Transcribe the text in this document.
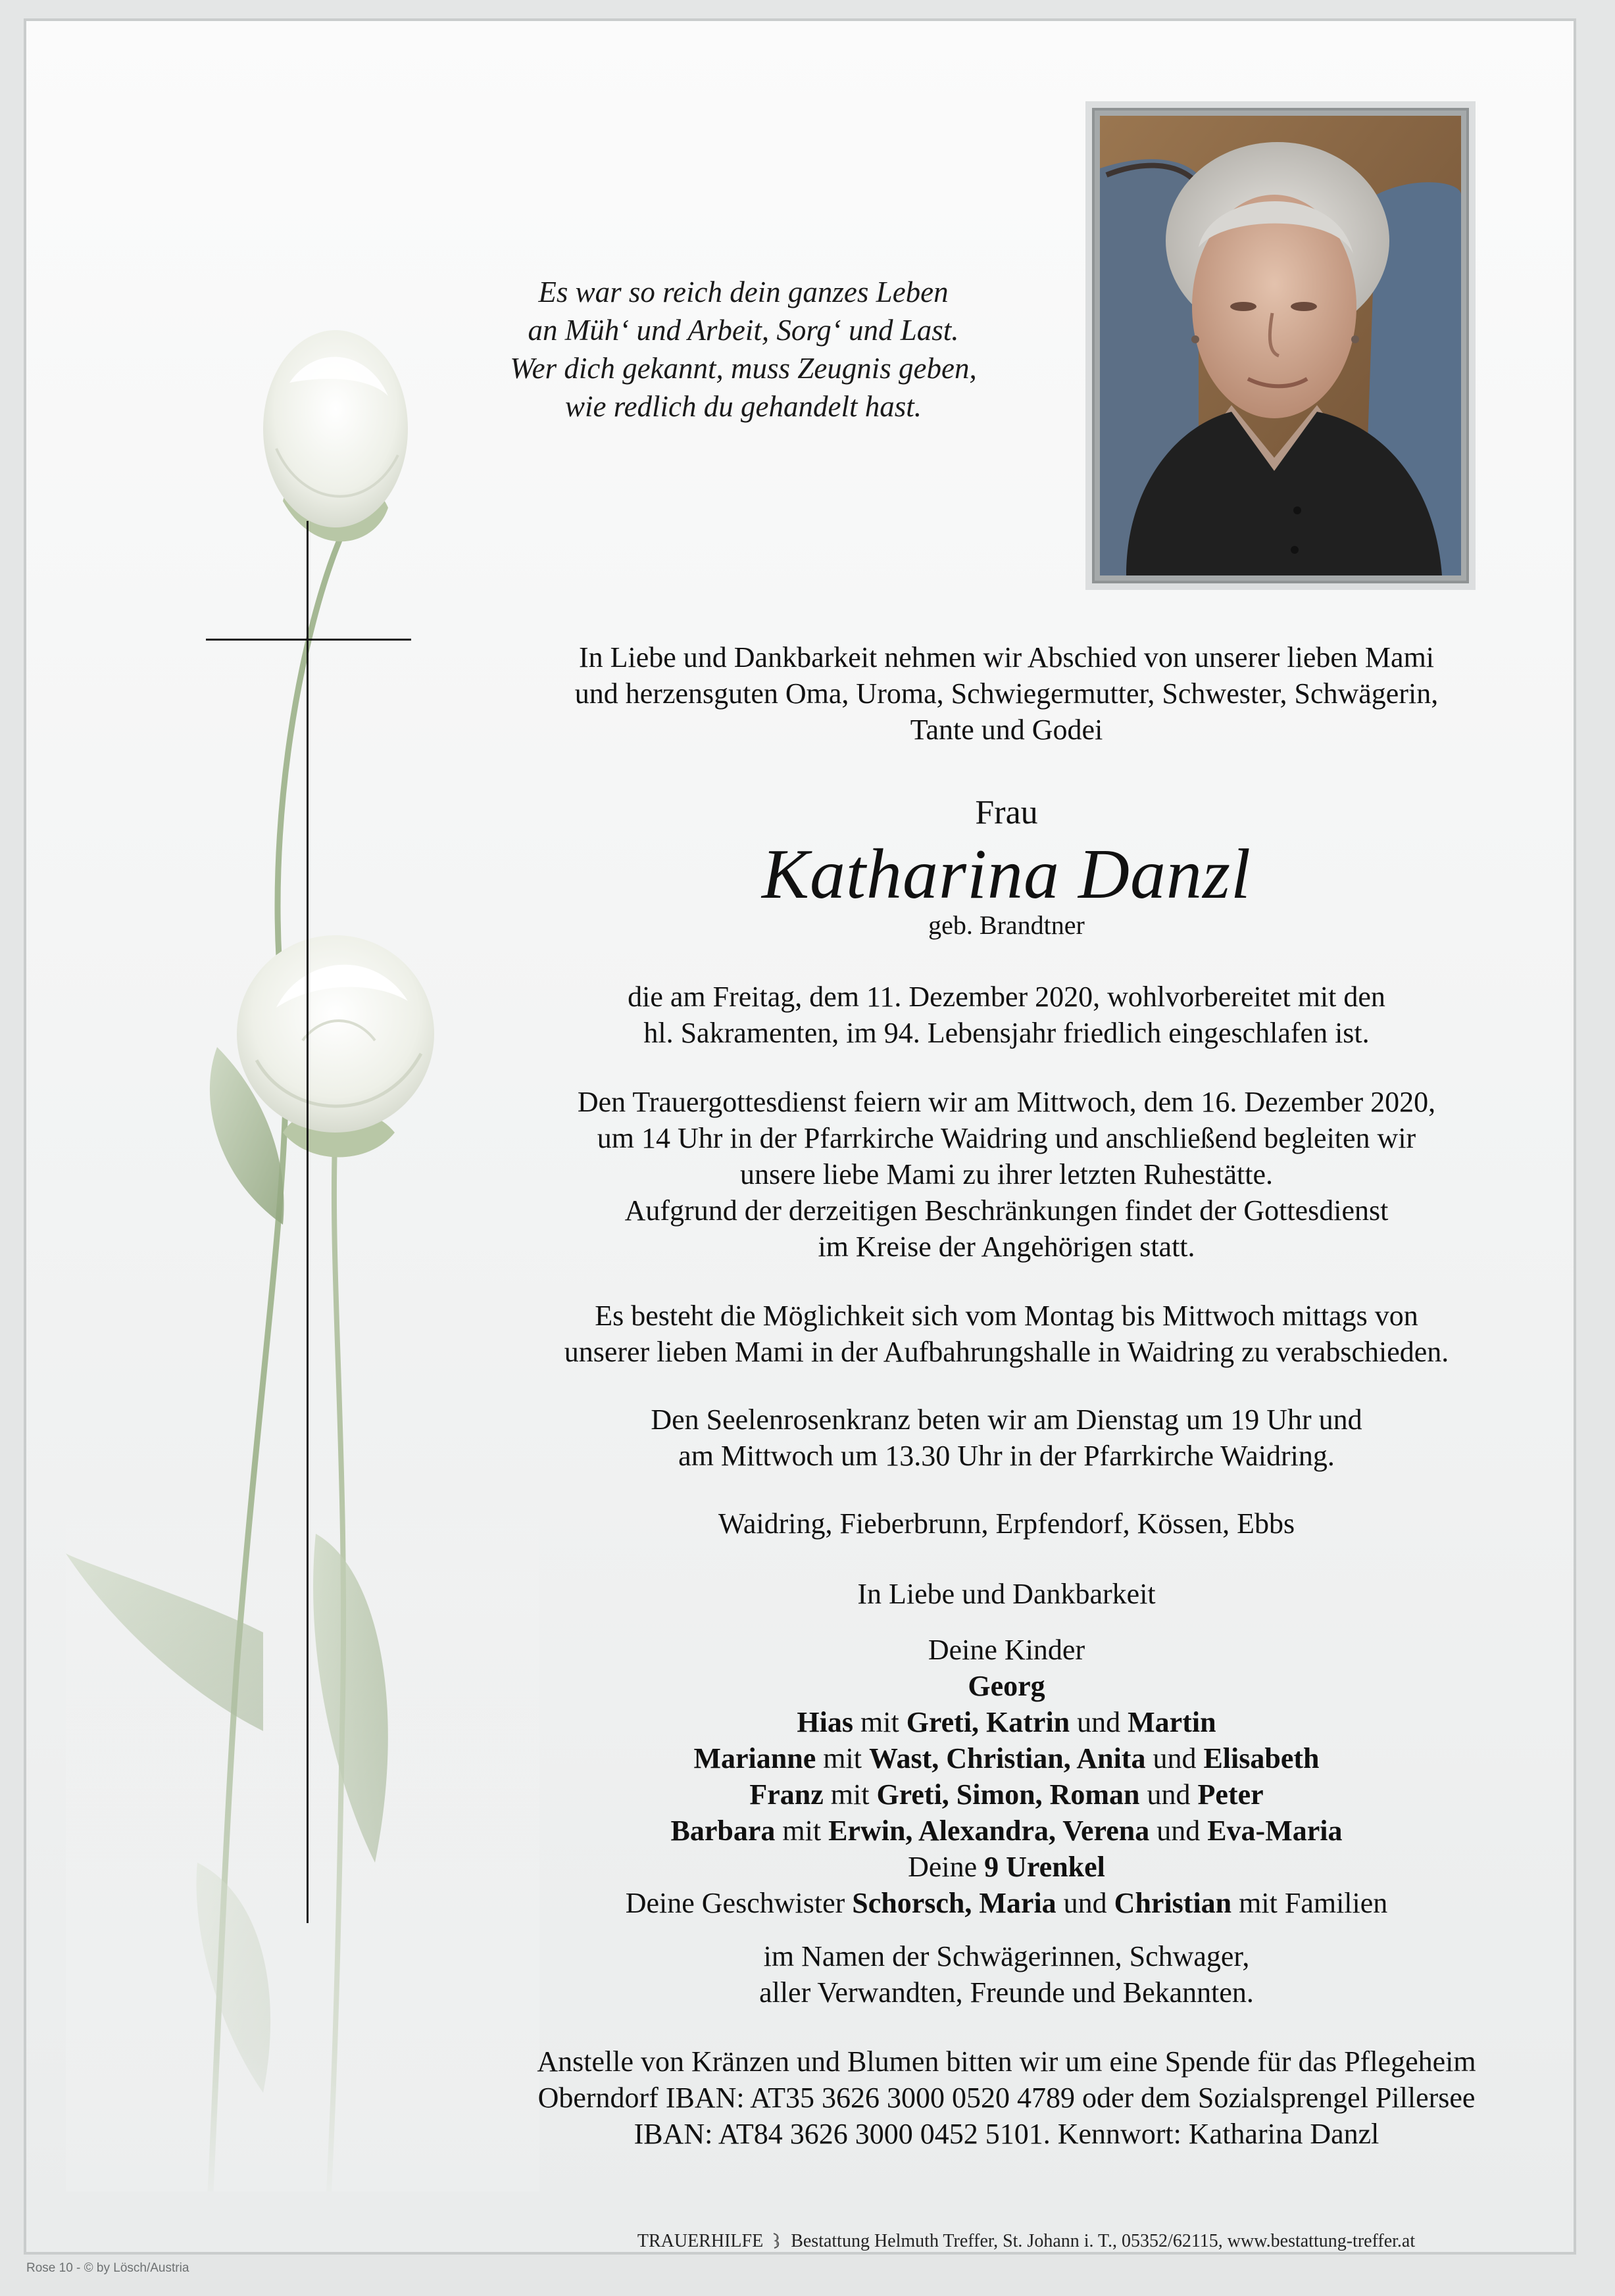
Es war so reich dein ganzes Leben
an Müh‘ und Arbeit, Sorg‘ und Last.
Wer dich gekannt, muss Zeugnis geben,
wie redlich du gehandelt hast.
In Liebe und Dankbarkeit nehmen wir Abschied von unserer lieben Mami
und herzensguten Oma, Uroma, Schwiegermutter, Schwester, Schwägerin,
Tante und Godei
Frau
Katharina Danzl
geb. Brandtner
die am Freitag, dem 11. Dezember 2020, wohlvorbereitet mit den
hl. Sakramenten, im 94. Lebensjahr friedlich eingeschlafen ist.
Den Trauergottesdienst feiern wir am Mittwoch, dem 16. Dezember 2020,
um 14 Uhr in der Pfarrkirche Waidring und anschließend begleiten wir
unsere liebe Mami zu ihrer letzten Ruhestätte.
Aufgrund der derzeitigen Beschränkungen findet der Gottesdienst
im Kreise der Angehörigen statt.
Es besteht die Möglichkeit sich vom Montag bis Mittwoch mittags von
unserer lieben Mami in der Aufbahrungshalle in Waidring zu verabschieden.
Den Seelenrosenkranz beten wir am Dienstag um 19 Uhr und
am Mittwoch um 13.30 Uhr in der Pfarrkirche Waidring.
Waidring, Fieberbrunn, Erpfendorf, Kössen, Ebbs
In Liebe und Dankbarkeit
Deine Kinder
Georg
Hias mit Greti, Katrin und Martin
Marianne mit Wast, Christian, Anita und Elisabeth
Franz mit Greti, Simon, Roman und Peter
Barbara mit Erwin, Alexandra, Verena und Eva-Maria
Deine 9 Urenkel
Deine Geschwister Schorsch, Maria und Christian mit Familien
im Namen der Schwägerinnen, Schwager,
aller Verwandten, Freunde und Bekannten.
Anstelle von Kränzen und Blumen bitten wir um eine Spende für das Pflegeheim
Oberndorf IBAN: AT35 3626 3000 0520 4789 oder dem Sozialsprengel Pillersee
IBAN: AT84 3626 3000 0452 5101. Kennwort: Katharina Danzl
TRAUERHILFE Bestattung Helmuth Treffer, St. Johann i. T., 05352/62115, www.bestattung-treffer.at
Rose 10 - © by Lösch/Austria
